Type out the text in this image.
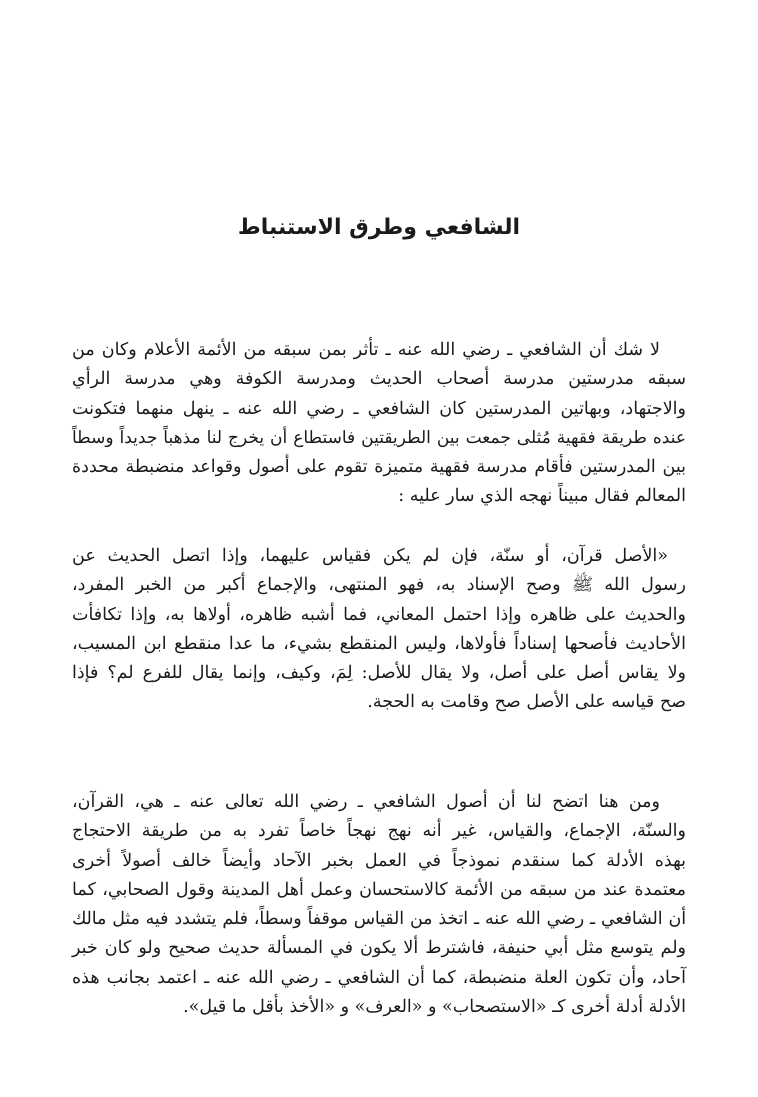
الشافعي وطرق الاستنباط
لا شك أن الشافعي ـ رضي الله عنه ـ تأثر بمن سبقه من الأئمة الأعلام وكان من
سبقه مدرستين مدرسة أصحاب الحديث ومدرسة الكوفة وهي مدرسة الرأي
والاجتهاد، وبهاتين المدرستين كان الشافعي ـ رضي الله عنه ـ ينهل منهما فتكونت
عنده طريقة فقهية مُثلى جمعت بين الطريقتين فاستطاع أن يخرج لنا مذهباً جديداً وسطاً
بين المدرستين فأقام مدرسة فقهية متميزة تقوم على أصول وقواعد منضبطة محددة
المعالم فقال مبيناً نهجه الذي سار عليه :
«الأصل قرآن، أو سنّة، فإن لم يكن فقياس عليهما، وإذا اتصل الحديث عن
رسول الله ﷺ وصح الإسناد به، فهو المنتهى، والإجماع أكبر من الخبر المفرد،
والحديث على ظاهره وإذا احتمل المعاني، فما أشبه ظاهره، أولاها به، وإذا تكافأت
الأحاديث فأصحها إسناداً فأولاها، وليس المنقطع بشيء، ما عدا منقطع ابن المسيب،
ولا يقاس أصل على أصل، ولا يقال للأصل: لِمَ، وكيف، وإنما يقال للفرع لم؟ فإذا
صح قياسه على الأصل صح وقامت به الحجة.
ومن هنا اتضح لنا أن أصول الشافعي ـ رضي الله تعالى عنه ـ هي، القرآن،
والسنّة، الإجماع، والقياس، غير أنه نهج نهجاً خاصاً تفرد به من طريقة الاحتجاج
بهذه الأدلة كما سنقدم نموذجاً في العمل بخبر الآحاد وأيضاً خالف أصولاً أخرى
معتمدة عند من سبقه من الأئمة كالاستحسان وعمل أهل المدينة وقول الصحابي، كما
أن الشافعي ـ رضي الله عنه ـ اتخذ من القياس موقفاً وسطاً، فلم يتشدد فيه مثل مالك
ولم يتوسع مثل أبي حنيفة، فاشترط ألا يكون في المسألة حديث صحيح ولو كان خبر
آحاد، وأن تكون العلة منضبطة، كما أن الشافعي ـ رضي الله عنه ـ اعتمد بجانب هذه
الأدلة أدلة أخرى كـ «الاستصحاب» و «العرف» و «الأخذ بأقل ما قيل».
